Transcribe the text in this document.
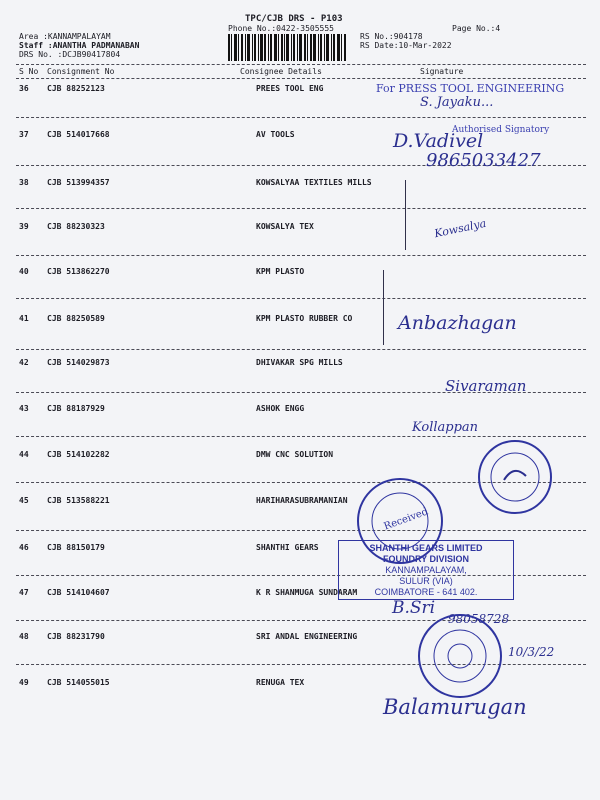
TPC/CJB DRS - P103
Phone No.:0422-3505555	Page No.:4
Area :KANNAMPALAYAM
Staff :ANANTHA PADMANABAN
DRS No. :DCJB90417804
RS No.:904178
RS Date:10-Mar-2022
S No Consignment No	Consignee Details	Signature
36 CJB 88252123	PREES TOOL ENG
37 CJB 514017668	AV TOOLS
38 CJB 513994357	KOWSALYAA TEXTILES MILLS
39 CJB 88230323	KOWSALYA TEX
40 CJB 513862270	KPM PLASTO
41 CJB 88250589	KPM PLASTO RUBBER CO
42 CJB 514029873	DHIVAKAR SPG MILLS
43 CJB 88187929	ASHOK ENGG
44 CJB 514102282	DMW CNC SOLUTION
45 CJB 513588221	HARIHARASUBRAMANIAN
46 CJB 88150179	SHANTHI GEARS
47 CJB 514104607	K R SHANMUGA SUNDARAM
48 CJB 88231790	SRI ANDAL ENGINEERING
49 CJB 514055015	RENUGA TEX
For PRESS TOOL ENGINEERING
S. Jayaku...
Authorised Signatory
D.Vadivel
9865033427
Kowsalya
Anbazhagan
Sivaraman
Kollappan
Received
SHANTHI GEARS LIMITED
FOUNDRY DIVISION
KANNAMPALAYAM,
SULUR (VIA)
COIMBATORE - 641 402.
B.Sri
98058728
10/3/22
Balamurugan
